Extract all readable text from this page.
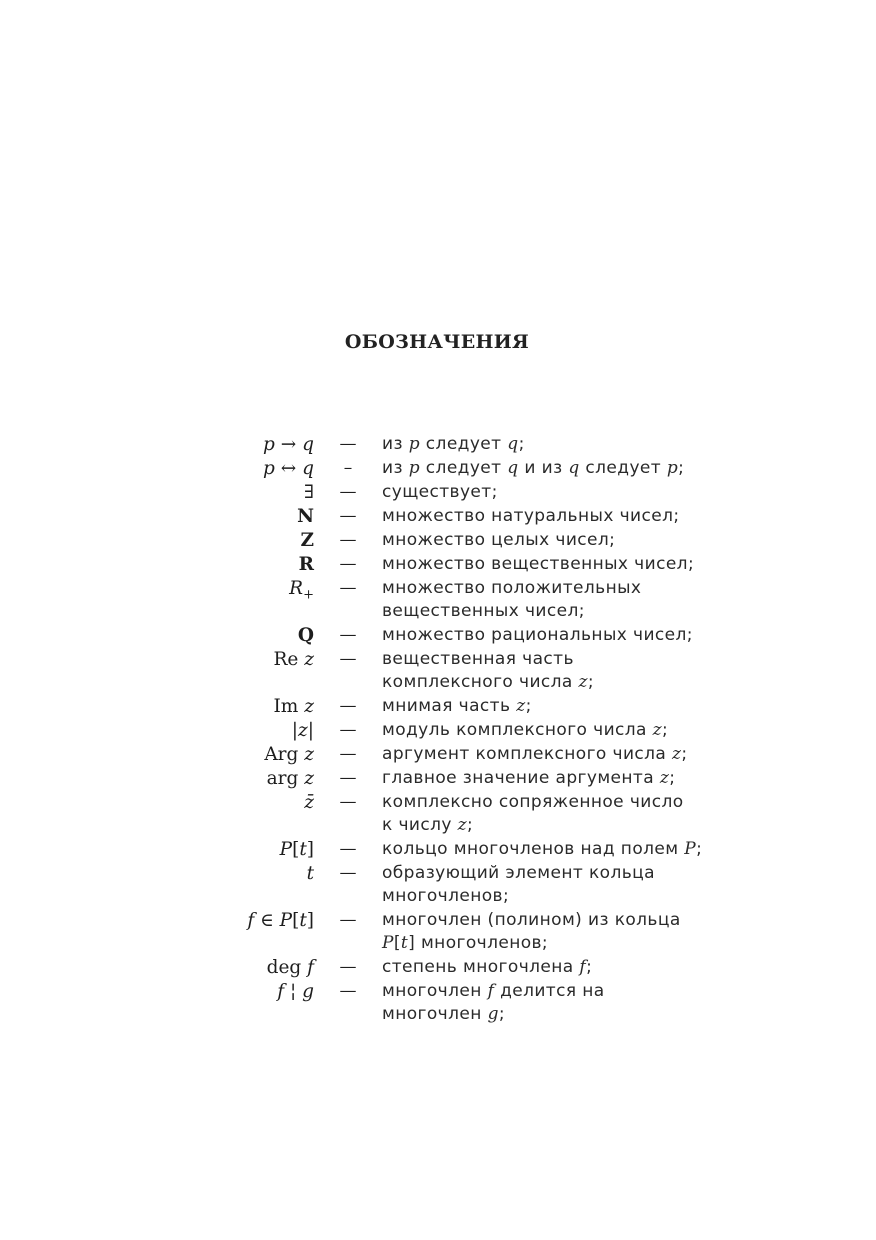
ОБОЗНАЧЕНИЯ
p → q	—	из p следует q;
p ↔ q	–	из p следует q и из q следует p;
∃	—	существует;
N	—	множество натуральных чисел;
Z	—	множество целых чисел;
R	—	множество вещественных чисел;
$R_+$	—	множество положительных
вещественных чисел;
Q	—	множество рациональных чисел;
Re z	—	вещественная часть
комплексного числа z;
Im z	—	мнимая часть z;
|z|	—	модуль комплексного числа z;
Arg z	—	аргумент комплексного числа z;
arg z	—	главное значение аргумента z;
z̄	—	комплексно сопряженное число
к числу z;
P[t]	—	кольцо многочленов над полем P;
t	—	образующий элемент кольца
многочленов;
f ∈ P[t]	—	многочлен (полином) из кольца
P[t] многочленов;
deg f	—	степень многочлена f;
f ¦ g	—	многочлен f делится на
многочлен g;
